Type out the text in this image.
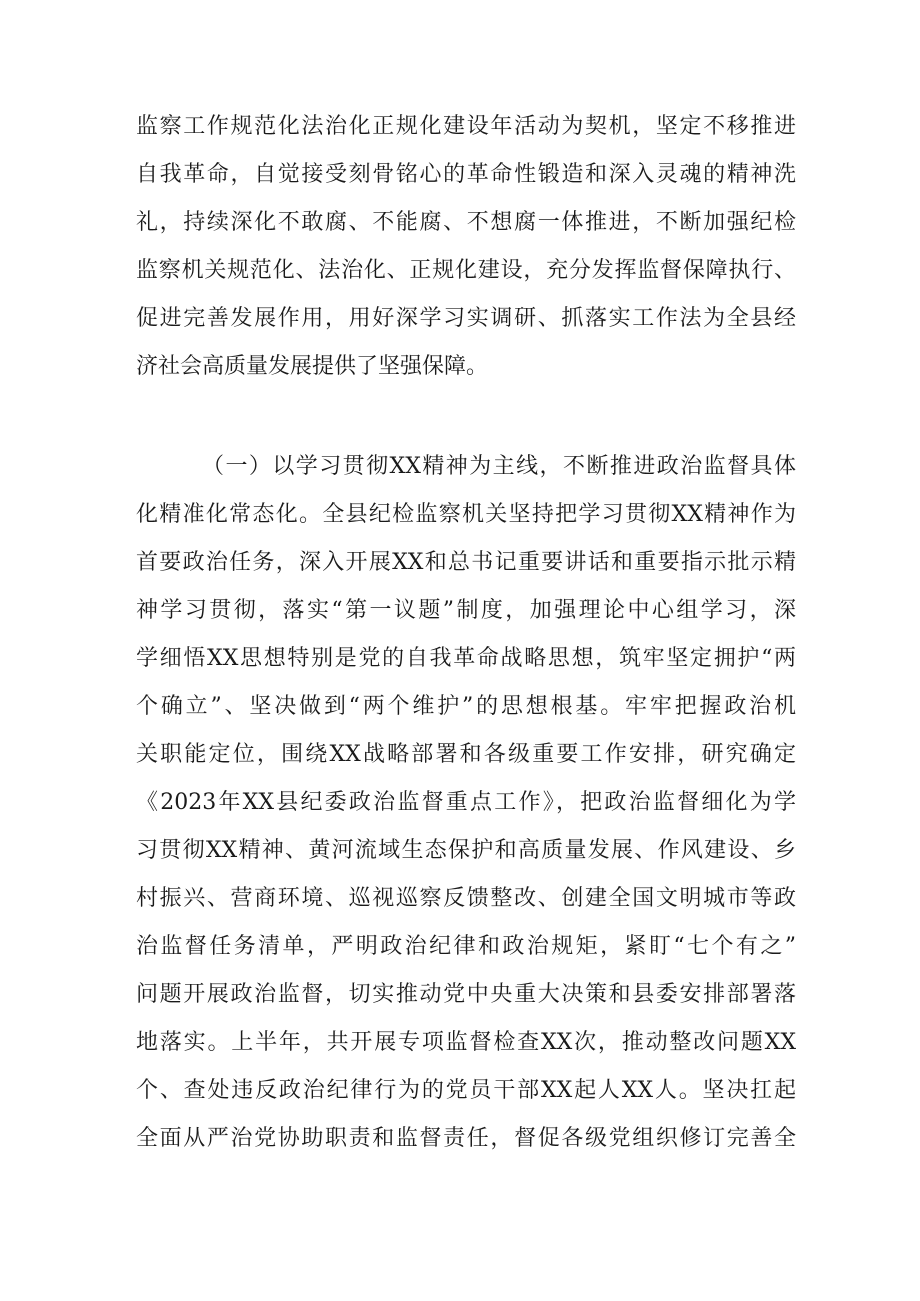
监察工作规范化法治化正规化建设年活动为契机，坚定不移推进
自我革命，自觉接受刻骨铭心的革命性锻造和深入灵魂的精神洗
礼，持续深化不敢腐、不能腐、不想腐一体推进，不断加强纪检
监察机关规范化、法治化、正规化建设，充分发挥监督保障执行、
促进完善发展作用，用好深学习实调研、抓落实工作法为全县经
济社会高质量发展提供了坚强保障。
（一）以学习贯彻XX精神为主线，不断推进政治监督具体
化精准化常态化。全县纪检监察机关坚持把学习贯彻XX精神作为
首要政治任务，深入开展XX和总书记重要讲话和重要指示批示精
神学习贯彻，落实“第一议题”制度，加强理论中心组学习，深
学细悟XX思想特别是党的自我革命战略思想，筑牢坚定拥护“两
个确立”、坚决做到“两个维护”的思想根基。牢牢把握政治机
关职能定位，围绕XX战略部署和各级重要工作安排，研究确定
《2023年XX县纪委政治监督重点工作》，把政治监督细化为学
习贯彻XX精神、黄河流域生态保护和高质量发展、作风建设、乡
村振兴、营商环境、巡视巡察反馈整改、创建全国文明城市等政
治监督任务清单，严明政治纪律和政治规矩，紧盯“七个有之”
问题开展政治监督，切实推动党中央重大决策和县委安排部署落
地落实。上半年，共开展专项监督检查XX次，推动整改问题XX
个、查处违反政治纪律行为的党员干部XX起人XX人。坚决扛起
全面从严治党协助职责和监督责任，督促各级党组织修订完善全
